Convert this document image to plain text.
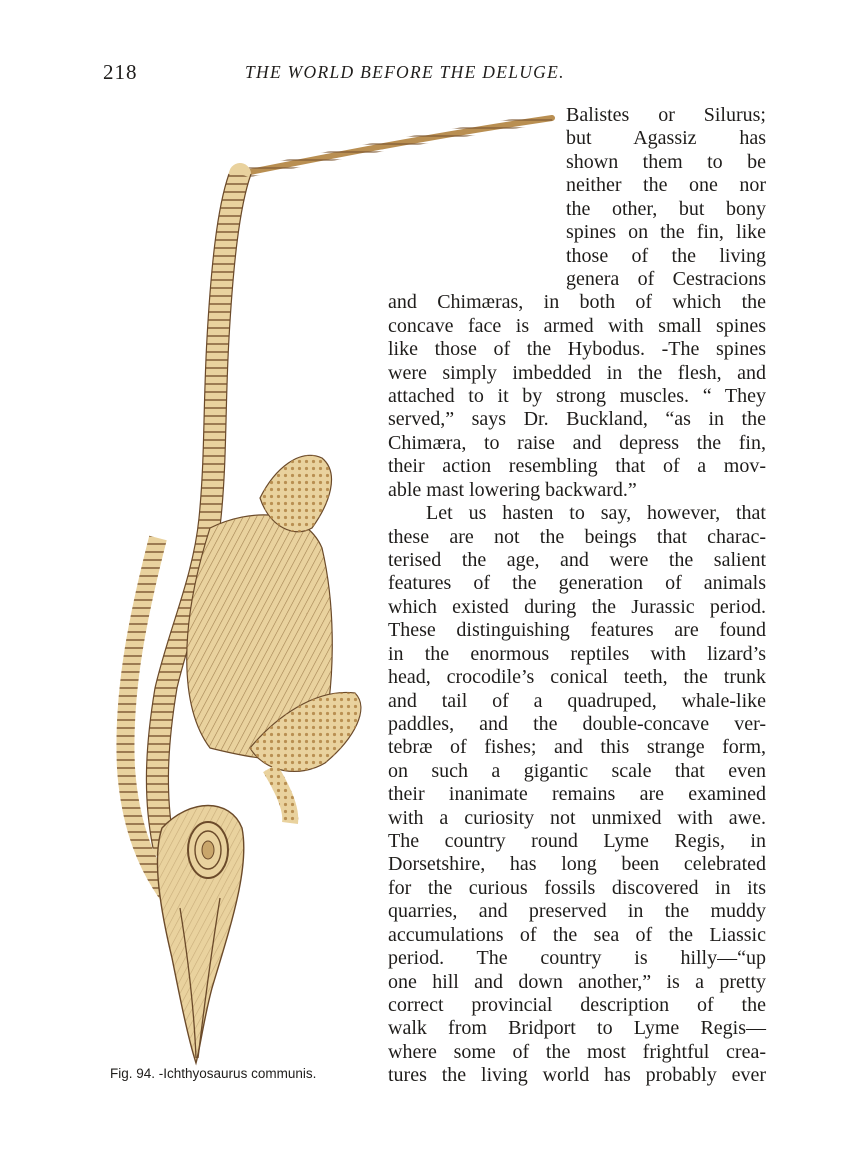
218	THE WORLD BEFORE THE DELUGE.
Fig. 94. -Ichthyosaurus communis.
Balistes or Silurus;
but Agassiz has
shown them to be
neither the one nor
the other, but bony
spines on the fin, like
those of the living
genera of Cestracions
and Chimæras, in both of which the
concave face is armed with small spines
like those of the Hybodus. -The spines
were simply imbedded in the flesh, and
attached to it by strong muscles. “ They
served,” says Dr. Buckland, “as in the
Chimæra, to raise and depress the fin,
their action resembling that of a mov-
able mast lowering backward.”
Let us hasten to say, however, that
these are not the beings that charac-
terised the age, and were the salient
features of the generation of animals
which existed during the Jurassic period.
These distinguishing features are found
in the enormous reptiles with lizard’s
head, crocodile’s conical teeth, the trunk
and tail of a quadruped, whale-like
paddles, and the double-concave ver-
tebræ of fishes; and this strange form,
on such a gigantic scale that even
their inanimate remains are examined
with a curiosity not unmixed with awe.
The country round Lyme Regis, in
Dorsetshire, has long been celebrated
for the curious fossils discovered in its
quarries, and preserved in the muddy
accumulations of the sea of the Liassic
period. The country is hilly—“up
one hill and down another,” is a pretty
correct provincial description of the
walk from Bridport to Lyme Regis—
where some of the most frightful crea-
tures the living world has probably ever
